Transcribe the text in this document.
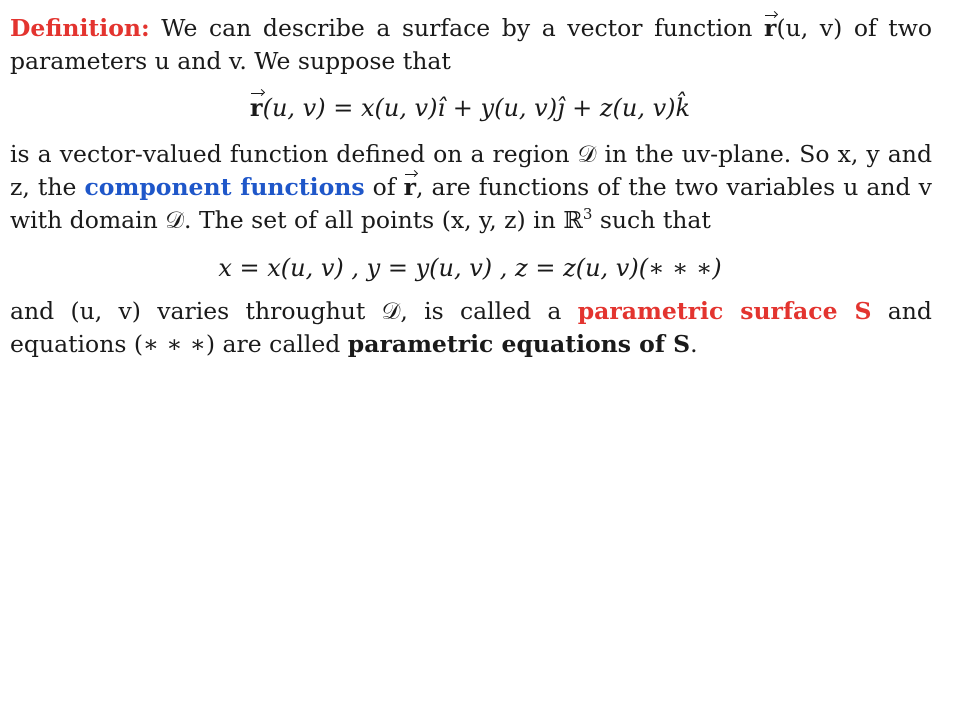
Definition: We can describe a surface by a vector function r(u, v) of two parameters u and v. We suppose that
r(u, v) = x(u, v)î + y(u, v)ĵ + z(u, v)k̂
is a vector-valued function defined on a region 𝒟 in the uv-plane. So x, y and z, the component functions of r, are functions of the two variables u and v with domain 𝒟. The set of all points (x, y, z) in ℝ$^3$ such that
x = x(u, v) , y = y(u, v) , z = z(u, v)(∗ ∗ ∗)
and (u, v) varies throughut 𝒟, is called a parametric surface S and equations (∗ ∗ ∗) are called parametric equations of S.
